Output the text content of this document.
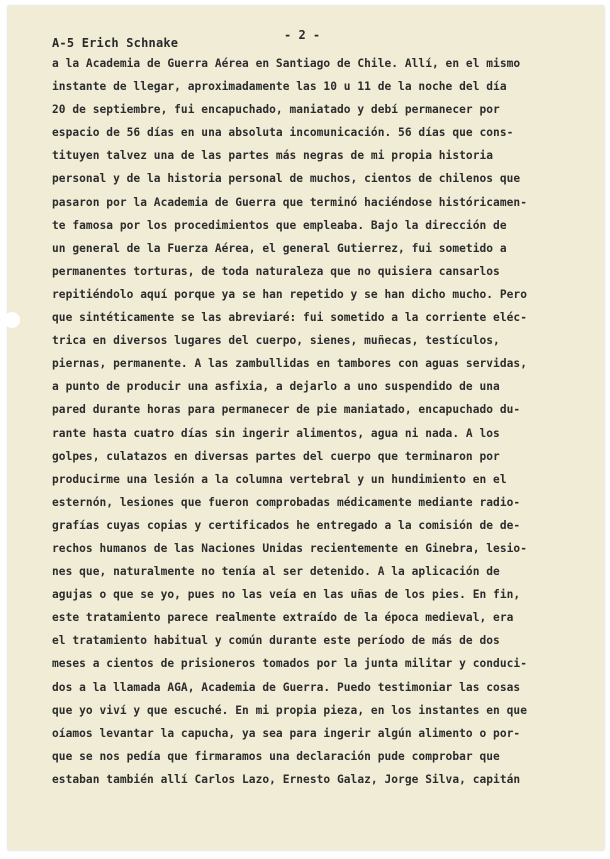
A-5 Erich Schnake
- 2 -
a la Academia de Guerra Aérea en Santiago de Chile. Allí, en el mismo
instante de llegar, aproximadamente las 10 u 11 de la noche del día
20 de septiembre, fui encapuchado, maniatado y debí permanecer por
espacio de 56 días en una absoluta incomunicación. 56 días que cons-
tituyen talvez una de las partes más negras de mi propia historia
personal y de la historia personal de muchos, cientos de chilenos que
pasaron por la Academia de Guerra que terminó haciéndose históricamen-
te famosa por los procedimientos que empleaba. Bajo la dirección de
un general de la Fuerza Aérea, el general Gutierrez, fui sometido a
permanentes torturas, de toda naturaleza que no quisiera cansarlos
repitiéndolo aquí porque ya se han repetido y se han dicho mucho. Pero
que sintéticamente se las abreviaré: fui sometido a la corriente eléc-
trica en diversos lugares del cuerpo, sienes, muñecas, testículos,
piernas, permanente. A las zambullidas en tambores con aguas servidas,
a punto de producir una asfixia, a dejarlo a uno suspendido de una
pared durante horas para permanecer de pie maniatado, encapuchado du-
rante hasta cuatro días sin ingerir alimentos, agua ni nada. A los
golpes, culatazos en diversas partes del cuerpo que terminaron por
producirme una lesión a la columna vertebral y un hundimiento en el
esternón, lesiones que fueron comprobadas médicamente mediante radio-
grafías cuyas copias y certificados he entregado a la comisión de de-
rechos humanos de las Naciones Unidas recientemente en Ginebra, lesio-
nes que, naturalmente no tenía al ser detenido. A la aplicación de
agujas o que se yo, pues no las veía en las uñas de los pies. En fin,
este tratamiento parece realmente extraído de la época medieval, era
el tratamiento habitual y común durante este período de más de dos
meses a cientos de prisioneros tomados por la junta militar y conduci-
dos a la llamada AGA, Academia de Guerra. Puedo testimoniar las cosas
que yo viví y que escuché. En mi propia pieza, en los instantes en que
oíamos levantar la capucha, ya sea para ingerir algún alimento o por-
que se nos pedía que firmaramos una declaración pude comprobar que
estaban también allí Carlos Lazo, Ernesto Galaz, Jorge Silva, capitán
